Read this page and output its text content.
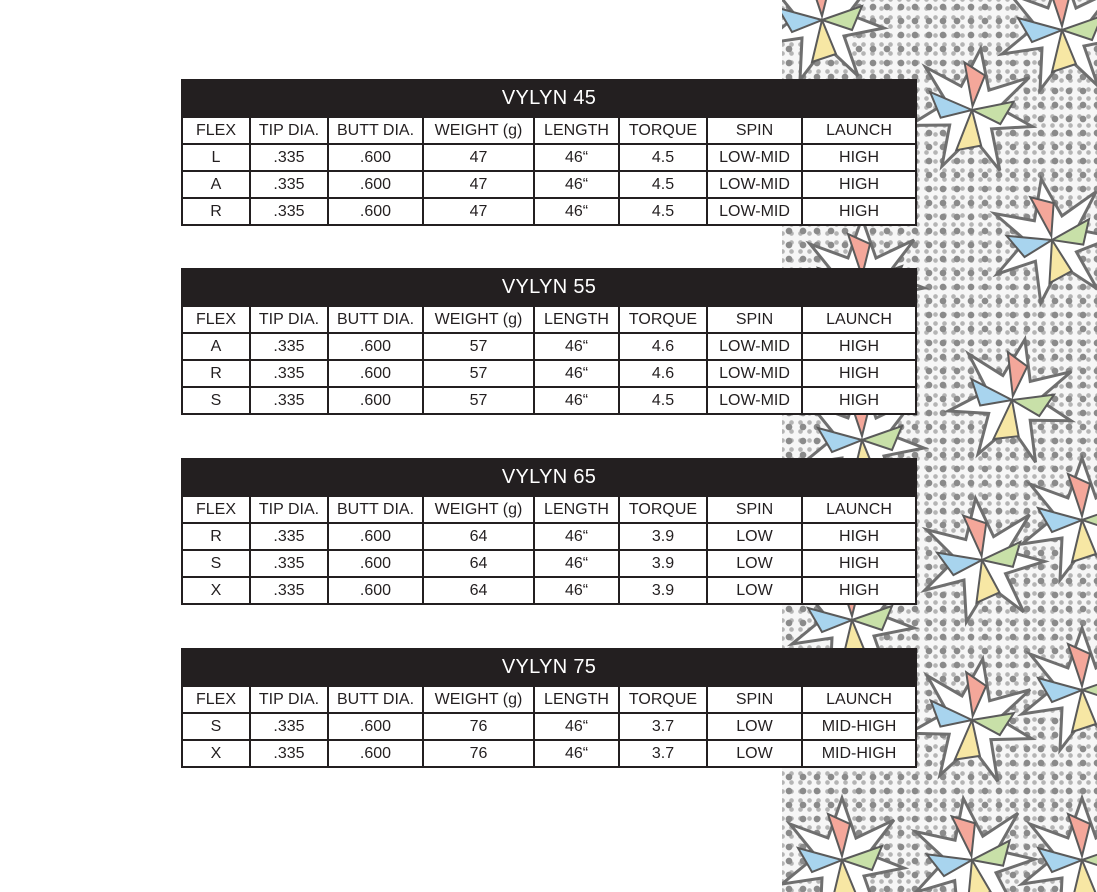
VYLYN 45							
FLEX	TIP DIA.	BUTT DIA.	WEIGHT (g)	LENGTH	TORQUE	SPIN	LAUNCH
L	.335	.600	47	46“	4.5	LOW-MID	HIGH
A	.335	.600	47	46“	4.5	LOW-MID	HIGH
R	.335	.600	47	46“	4.5	LOW-MID	HIGH
VYLYN 55							
FLEX	TIP DIA.	BUTT DIA.	WEIGHT (g)	LENGTH	TORQUE	SPIN	LAUNCH
A	.335	.600	57	46“	4.6	LOW-MID	HIGH
R	.335	.600	57	46“	4.6	LOW-MID	HIGH
S	.335	.600	57	46“	4.5	LOW-MID	HIGH
VYLYN 65							
FLEX	TIP DIA.	BUTT DIA.	WEIGHT (g)	LENGTH	TORQUE	SPIN	LAUNCH
R	.335	.600	64	46“	3.9	LOW	HIGH
S	.335	.600	64	46“	3.9	LOW	HIGH
X	.335	.600	64	46“	3.9	LOW	HIGH
VYLYN 75							
FLEX	TIP DIA.	BUTT DIA.	WEIGHT (g)	LENGTH	TORQUE	SPIN	LAUNCH
S	.335	.600	76	46“	3.7	LOW	MID-HIGH
X	.335	.600	76	46“	3.7	LOW	MID-HIGH
